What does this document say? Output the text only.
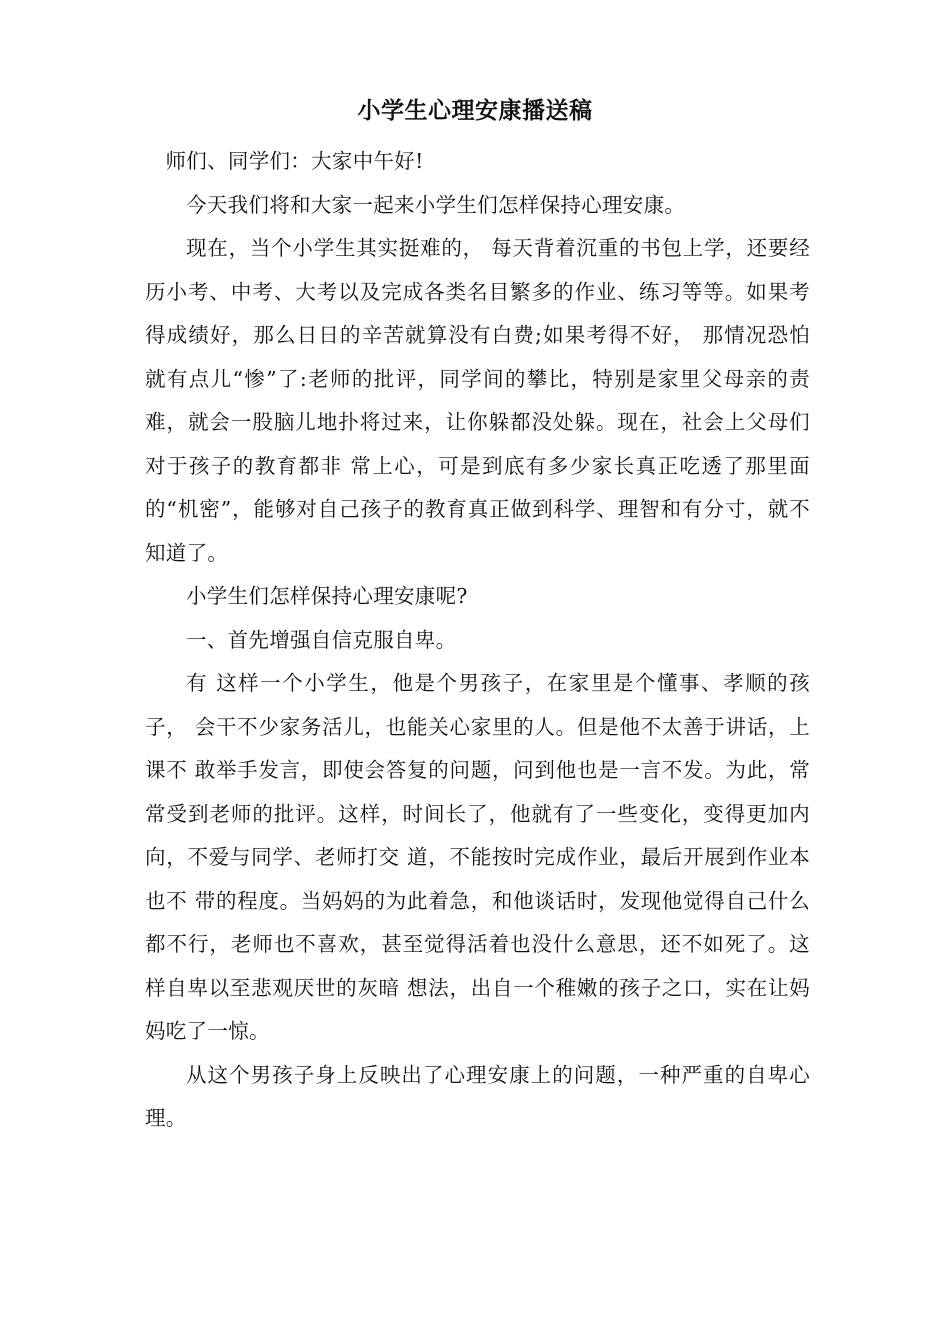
小学生心理安康播送稿

师们、同学们：大家中午好!

今天我们将和大家一起来小学生们怎样保持心理安康。

现在，当个小学生其实挺难的， 每天背着沉重的书包上学，还要经历小考、中考、大考以及完成各类名目繁多的作业、练习等等。如果考得成绩好，那么日日的辛苦就算没有白费;如果考得不好， 那情况恐怕 就有点儿“惨”了:老师的批评，同学间的攀比，特别是家里父母亲的责难，就会一股脑儿地扑将过来，让你躲都没处躲。现在，社会上父母们对于孩子的教育都非 常上心，可是到底有多少家长真正吃透了那里面 的“机密”，能够对自己孩子的教育真正做到科学、理智和有分寸，就不知道了。

小学生们怎样保持心理安康呢?

一、首先增强自信克服自卑。

有 这样一个小学生，他是个男孩子，在家里是个懂事、孝顺的孩子， 会干不少家务活儿，也能关心家里的人。但是他不太善于讲话，上课不 敢举手发言，即使会答复的问题，问到他也是一言不发。为此，常常受到老师的批评。这样，时间长了，他就有了一些变化，变得更加内向，不爱与同学、老师打交 道，不能按时完成作业，最后开展到作业本也不 带的程度。当妈妈的为此着急，和他谈话时，发现他觉得自己什么都不行，老师也不喜欢，甚至觉得活着也没什么意思，还不如死了。这样自卑以至悲观厌世的灰暗 想法，出自一个稚嫩的孩子之口，实在让妈妈吃了一惊。

从这个男孩子身上反映出了心理安康上的问题，一种严重的自卑心理。
